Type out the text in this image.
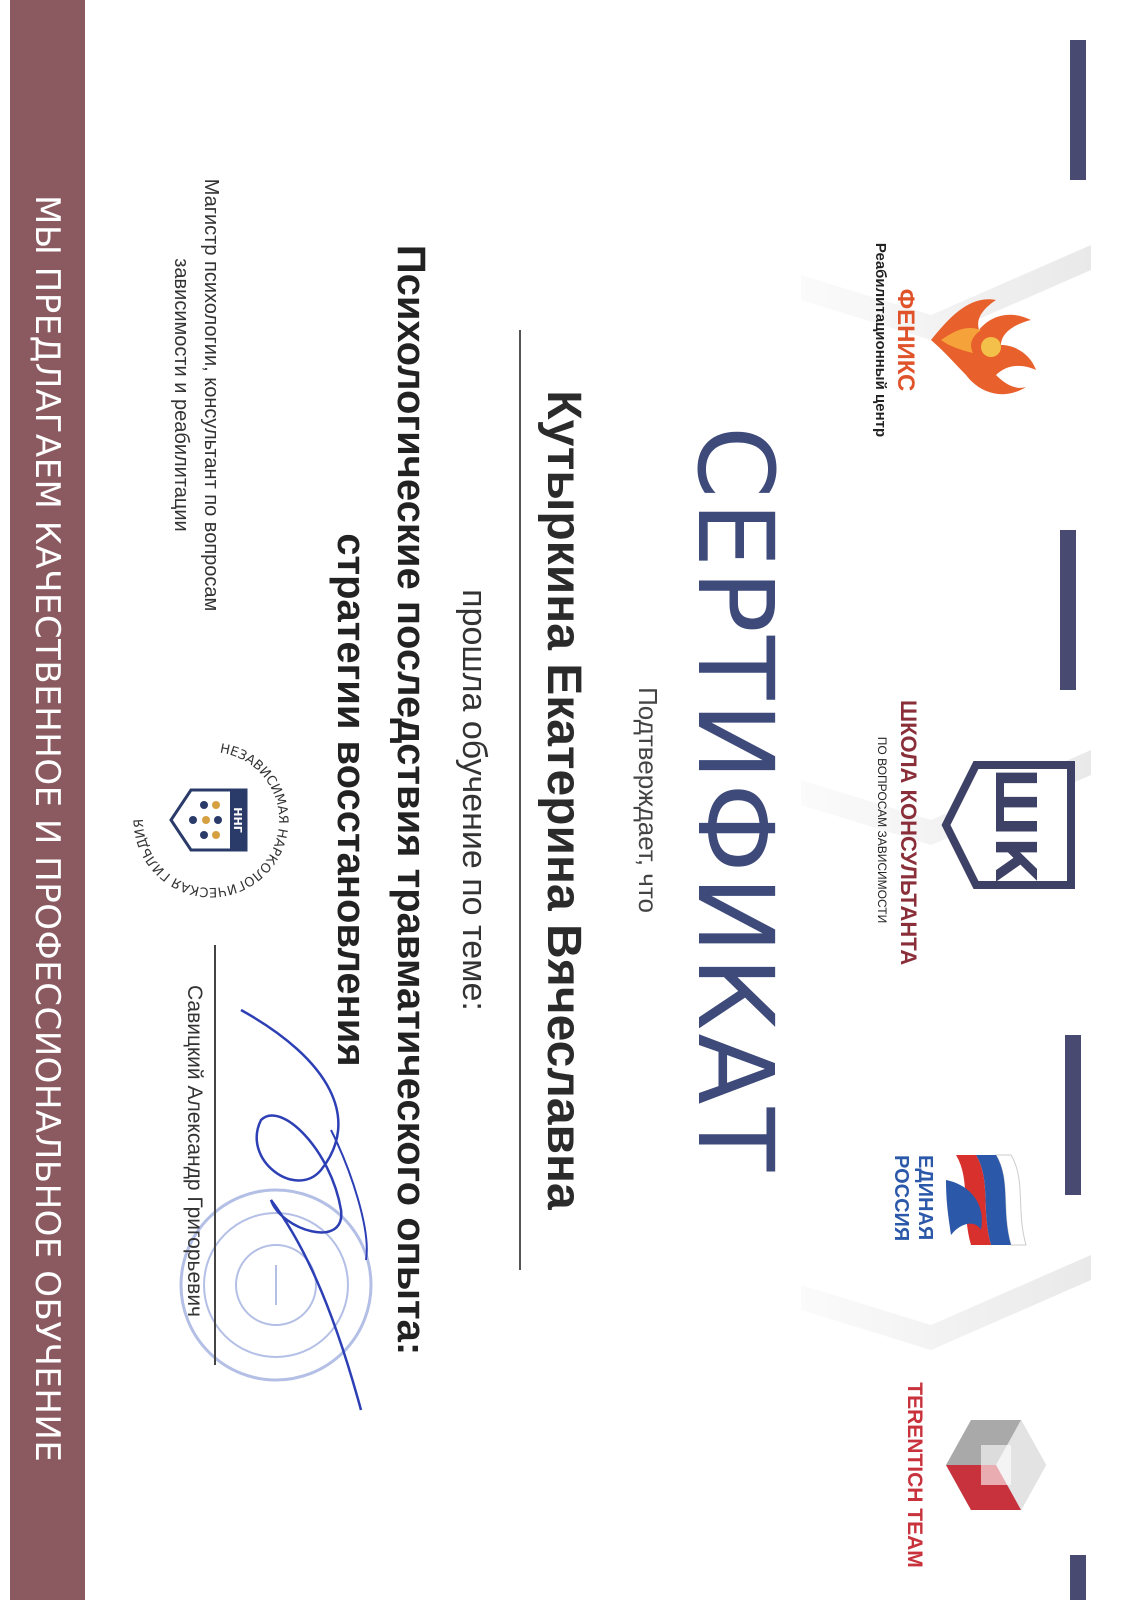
ФЕНИКС
Реабилитационный центр
ШК
ШКОЛА КОНСУЛЬТАНТА
ПО ВОПРОСАМ ЗАВИСИМОСТИ
ЕДИНАЯ
РОССИЯ
TERENTICH TEAM
СЕРТИФИКАТ
Подтверждает, что
Кутыркина Екатерина Вячеславна
прошла обучение по теме:
Психологические последствия травматического опыта:
стратегии восстановления
Магистр психологии, консультант по вопросам
зависимости и реабилитации
НЕЗАВИСИМАЯ НАРКОЛОГИЧЕСКАЯ ГИЛЬДИЯ	ННГ
Савицкий Александр Григорьевич
МЫ ПРЕДЛАГАЕМ КАЧЕСТВЕННОЕ И ПРОФЕССИОНАЛЬНОЕ ОБУЧЕНИЕ
